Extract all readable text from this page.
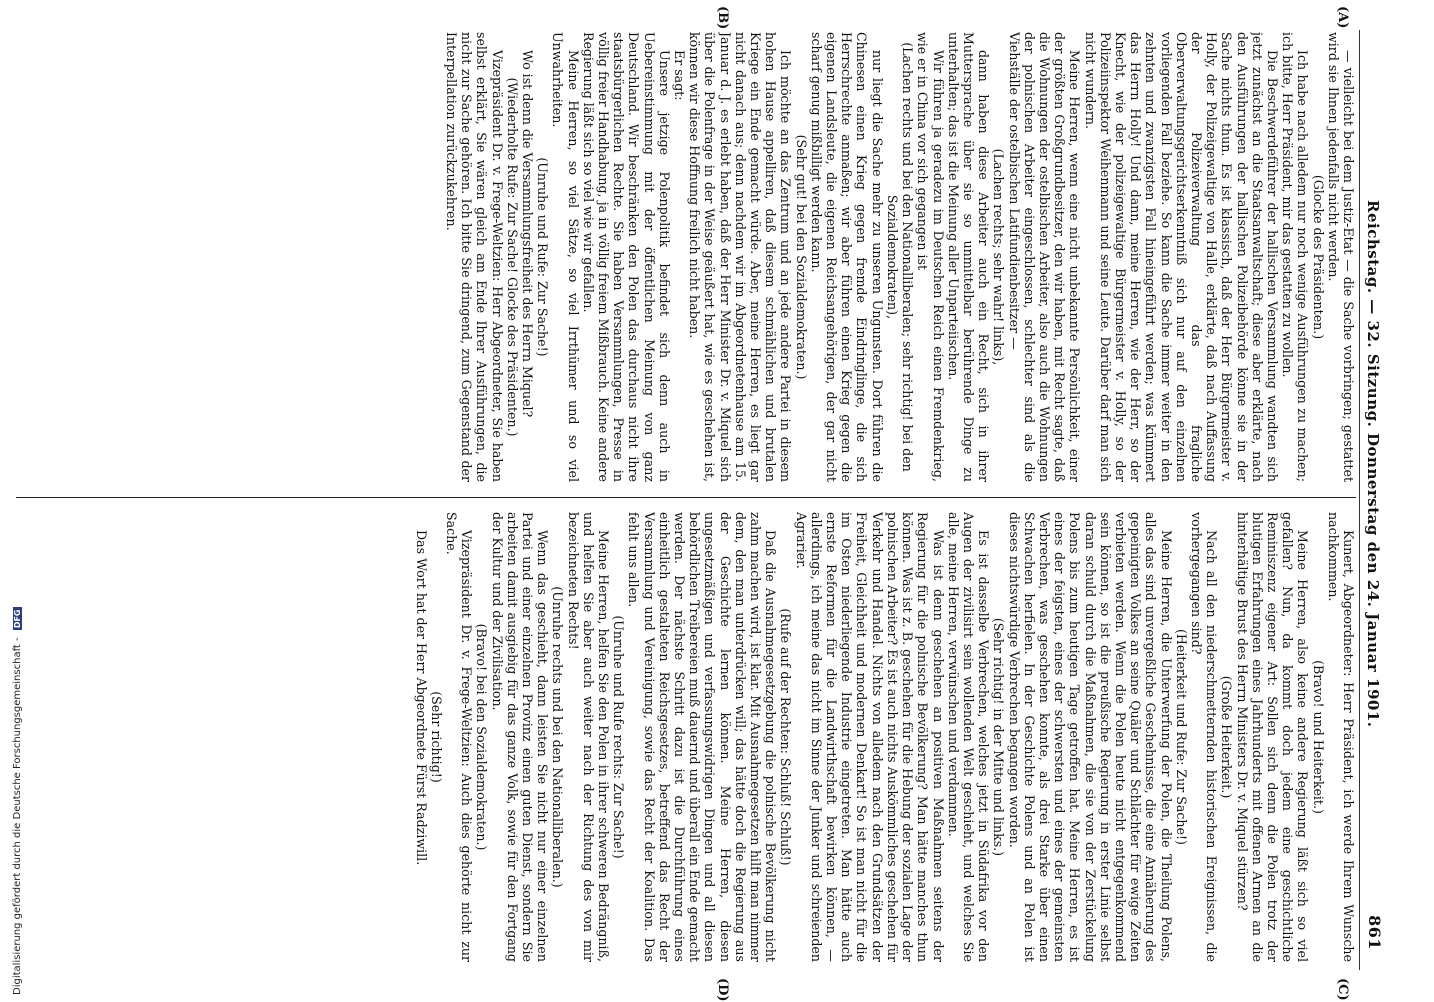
Reichstag. — 32. Sitzung. Donnerstag den 24. Januar 1901.
861
(A)
(B)
(C)
(D)

— vielleicht bei dem Justiz-Etat — die Sache vorbringen; gestattet wird sie Ihnen jedenfalls nicht werden.

(Glocke des Präsidenten.)

Ich habe nach alledem nur noch wenige Ausführungen zu machen; ich bitte, Herr Präsident, mir das gestatten zu wollen.

Die Beschwerdeführer der hallischen Versammlung wandten sich jetzt zunächst an die Staatsanwaltschaft; diese aber erklärte, nach den Ausführungen der hallischen Polizeibehörde könne sie in der Sache nichts thun. Es ist klassisch, daß der Herr Bürgermeister v. Holly, der Polizeigewaltige von Halle, erklärte, daß nach Auffassung der Polizeiverwaltung das fragliche Oberverwaltungsgerichtserkenntniß sich nur auf den einzelnen vorliegenden Fall beziehe. So kann die Sache immer weiter in den zehnten und zwanzigsten Fall hineingeführt werden; was kümmert das Herrn Holly! Und dann, meine Herren, wie der Herr, so der Knecht, wie der polizeigewaltige Bürgermeister v. Holly, so der Polizeiinspektor Weihenmann und seine Leute. Darüber darf man sich nicht wundern.

Meine Herren, wenn eine nicht unbekannte Persönlichkeit, einer der größten Großgrundbesitzer, den wir haben, mit Recht sagte, daß die Wohnungen der ostelbischen Arbeiter, also auch die Wohnungen der polnischen Arbeiter eingeschlossen, schlechter sind als die Viehställe der ostelbischen Latifundienbesitzer —

(Lachen rechts; sehr wahr! links),

dann haben diese Arbeiter auch ein Recht, sich in ihrer Muttersprache über sie so unmittelbar berührende Dinge zu unterhalten; das ist die Meinung aller Unparteiischen.

Wir führen ja geradezu im Deutschen Reich einen Fremdenkrieg, wie er in China vor sich gegangen ist

(Lachen rechts und bei den Nationalliberalen; sehr richtig! bei den Sozialdemokraten),

nur liegt die Sache mehr zu unseren Ungunsten. Dort führen die Chinesen einen Krieg gegen fremde Eindringlinge, die sich Herrschrechte anmaßen; wir aber führen einen Krieg gegen die eigenen Landsleute, die eigenen Reichsangehörigen, der gar nicht scharf genug mißbilligt werden kann.

(Sehr gut! bei den Sozialdemokraten.)

Ich möchte an das Zentrum und an jede andere Partei in diesem hohen Hause appelliren, daß diesem schmählichen und brutalen Kriege ein Ende gemacht würde. Aber, meine Herren, es liegt gar nicht danach aus; denn nachdem wir im Abgeordnetenhause am 15. Januar d. J. es erlebt haben, daß der Herr Minister Dr. v. Miquel sich über die Polenfrage in der Weise geäußert hat, wie es geschehen ist, können wir diese Hoffnung freilich nicht haben.

Er sagt:

Unsere jetzige Polenpolitik befindet sich denn auch in Uebereinstimmung mit der öffentlichen Meinung von ganz Deutschland. Wir beschränken den Polen das durchaus nicht ihre staatsbürgerlichen Rechte. Sie haben Versammlungen, Presse in völlig freier Handhabung, ja in völlig freiem Mißbrauch. Keine andere Regierung läßt sich so viel wie wir gefallen.

Meine Herren, so viel Sätze, so viel Irrthümer und so viel Unwahrheiten.

(Unruhe und Rufe: Zur Sache!)

Wo ist denn die Versammlungsfreiheit des Herrn Miquel?

(Wiederholte Rufe: Zur Sache! Glocke des Präsidenten.)

Vizepräsident Dr. v. Frege-Weltzien: Herr Abgeordneter, Sie haben selbst erklärt, Sie wären gleich am Ende Ihrer Ausführungen, die nicht zur Sache gehören. Ich bitte Sie dringend, zum Gegenstand der Interpellation zurückzukehren.

Kunert, Abgeordneter: Herr Präsident, ich werde Ihrem Wunsche nachkommen.

(Bravo! und Heiterkeit.)

Meine Herren, also keine andere Regierung läßt sich so viel gefallen? Nun, da kommt doch jedem eine geschichtliche Reminiszenz eigener Art: Sollen sich denn die Polen trotz der blutigen Erfahrungen eines Jahrhunderts mit offenen Armen an die hinterhältige Brust des Herrn Ministers Dr. v. Miquel stürzen?

(Große Heiterkeit.)

Nach all den niederschmetternden historischen Ereignissen, die vorhergegangen sind?

(Heiterkeit und Rufe: Zur Sache!)

Meine Herren, die Unterwerfung der Polen, die Theilung Polens, alles das sind unvergeßliche Geschehnisse, die eine Annäherung des gepeinigten Volkes an seine Quäler und Schlächter für ewige Zeiten verbieten werden. Wenn die Polen heute nicht entgegenkommend sein können, so ist die preußische Regierung in erster Linie selbst daran schuld durch die Maßnahmen, die sie von der Zerstückelung Polens bis zum heutigen Tage getroffen hat. Meine Herren, es ist eines der feigsten, eines der schwersten und eines der gemeinsten Verbrechen, was geschehen konnte, als drei Starke über einen Schwachen herfielen. In der Geschichte Polens und an Polen ist dieses nichtswürdige Verbrechen begangen worden.

(Sehr richtig! in der Mitte und links.)

Es ist dasselbe Verbrechen, welches jetzt in Südafrika vor den Augen der zivilisirt sein wollenden Welt geschieht, und welches Sie alle, meine Herren, verwünschen und verdammen.

Was ist denn geschehen an positiven Maßnahmen seitens der Regierung für die polnische Bevölkerung? Man hätte manches thun können. Was ist z. B. geschehen für die Hebung der sozialen Lage der polnischen Arbeiter? Es ist auch nichts Auskömmliches geschehen für Verkehr und Handel. Nichts von alledem nach den Grundsätzen der Freiheit, Gleichheit und modernen Denkart! So ist man nicht für die im Osten niederliegende Industrie eingetreten. Man hätte auch ernste Reformen für die Landwirthschaft bewirken können, — allerdings, ich meine das nicht im Sinne der Junker und schreienden Agrarier.

(Rufe auf der Rechten: Schluß! Schluß!)

Daß die Ausnahmegesetzgebung die polnische Bevölkerung nicht zahm machen wird, ist klar. Mit Ausnahmegesetzen hilft man nimmer dem, den man unterdrücken will; das hätte doch die Regierung aus der Geschichte lernen können. Meine Herren, diesen ungesetzmäßigen und verfassungswidrigen Dingen und all diesen behördlichen Treibereien muß dauernd und überall ein Ende gemacht werden. Der nächste Schritt dazu ist die Durchführung eines einheitlich gestalteten Reichsgesetzes, betreffend das Recht der Versammlung und Vereinigung, sowie das Recht der Koalition. Das fehlt uns allen.

(Unruhe und Rufe rechts: Zur Sache!)

Meine Herren, helfen Sie den Polen in ihrer schweren Bedrängniß, und helfen Sie aber auch weiter nach der Richtung des von mir bezeichneten Rechts!

(Unruhe rechts und bei den Nationalliberalen.)

Wenn das geschieht, dann leisten Sie nicht nur einer einzelnen Partei und einer einzelnen Provinz einen guten Dienst, sondern Sie arbeiten damit ausgiebig für das ganze Volk, sowie für den Fortgang der Kultur und der Zivilisation.

(Bravo! bei den Sozialdemokraten.)

Vizepräsident Dr. v. Frege-Weltzien: Auch dies gehörte nicht zur Sache.

(Sehr richtig!)

Das Wort hat der Herr Abgeordnete Fürst Radziwill.

Digitalisierung gefördert durch die Deutsche Forschungsgemeinschaft - DFG
